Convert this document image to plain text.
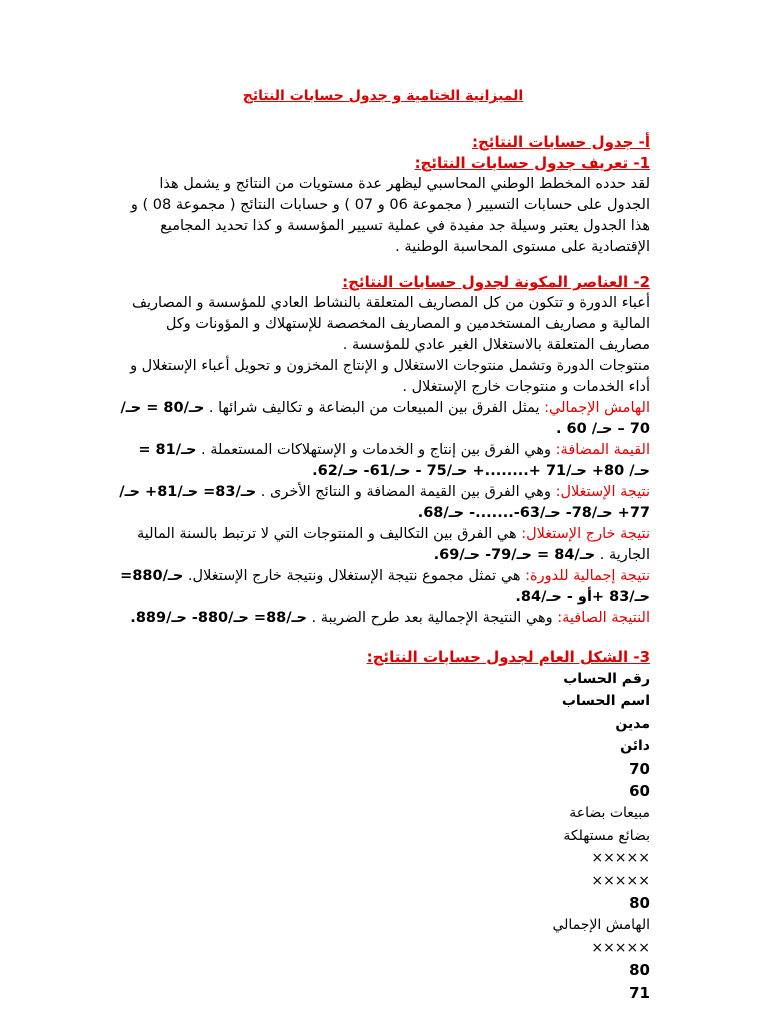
الميزانية الختامية و جدول حسابات النتائج
أ- جدول حسابات النتائج:
1- تعريف جدول حسابات النتائج:
لقد حدده المخطط الوطني المحاسبي ليظهر عدة مستويات من النتائج و يشمل هذا الجدول على حسابات التسيير ( مجموعة 06 و 07 ) و حسابات النتائج ( مجموعة 08 ) و هذا الجدول يعتبر وسيلة جد مفيدة في عملية تسيير المؤسسة و كذا تحديد المجاميع الإقتصادية على مستوى المحاسبة الوطنية .
2- العناصر المكونة لجدول حسابات النتائج:
أعباء الدورة و تتكون من كل المصاريف المتعلقة بالنشاط العادي للمؤسسة و المصاريف المالية و مصاريف المستخدمين و المصاريف المخصصة للإستهلاك و المؤونات وكل مصاريف المتعلقة بالاستغلال الغير عادي للمؤسسة .
منتوجات الدورة وتشمل منتوجات الاستغلال و الإنتاج المخزون و تحويل أعباء الإستغلال و أداء الخدمات و منتوجات خارج الإستغلال .
الهامش الإجمالي: يمثل الفرق بين المبيعات من البضاعة و تكاليف شرائها . حـ/80 = حـ/ 70 – حـ/ 60 .
القيمة المضافة: وهي الفرق بين إنتاج و الخدمات و الإستهلاكات المستعملة . حـ/81 = حـ/ 80+ حـ/71 +........+ حـ/75 - حـ/61- حـ/62.
نتيجة الإستغلال: وهي الفرق بين القيمة المضافة و النتائج الأخرى . حـ/83= حـ/81+ حـ/ 77+ حـ/78- حـ/63-.......- حـ/68.
نتيجة خارج الإستغلال: هي الفرق بين التكاليف و المنتوجات التي لا ترتبط بالسنة المالية الجارية . حـ/84 = حـ/79- حـ/69.
نتيجة إجمالية للدورة: هي تمثل مجموع نتيجة الإستغلال ونتيجة خارج الإستغلال. حـ/880= حـ/83 +أو - حـ/84.
النتيجة الصافية: وهي النتيجة الإجمالية بعد طرح الضريبة . حـ/88= حـ/880- حـ/889.
3- الشكل العام لجدول حسابات النتائج:
رقم الحساب
اسم الحساب
مدين
دائن
70
60
مبيعات بضاعة
بضائع مستهلكة
×××××
×××××
80
الهامش الإجمالي
×××××
80
71
